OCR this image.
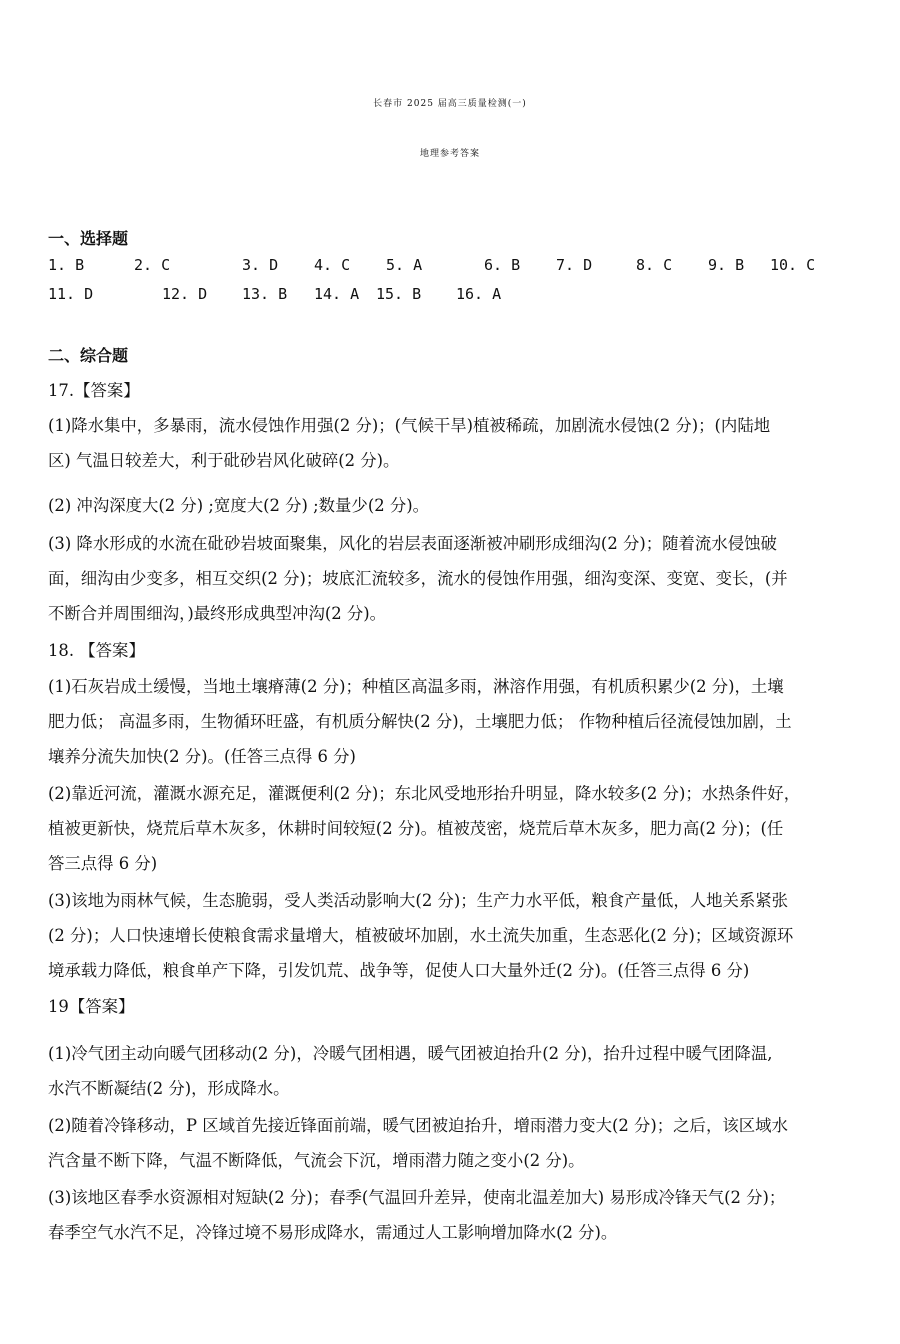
长春市 2025 届高三质量检测(一)
地理参考答案
一、选择题
1. B	2. C	3. D 4. C 5. A	6. B 7. D	8. C 9. B 10. C
11. D	12. D 13. B 14. A 15. B 16. A
二、综合题
17.【答案】
(1)降水集中，多暴雨，流水侵蚀作用强(2 分)；(气候干旱)植被稀疏，加剧流水侵蚀(2 分)；(内陆地
区) 气温日较差大，利于砒砂岩风化破碎(2 分)。
(2) 冲沟深度大(2 分) ;宽度大(2 分) ;数量少(2 分)。
(3) 降水形成的水流在砒砂岩坡面聚集，风化的岩层表面逐渐被冲刷形成细沟(2 分)；随着流水侵蚀破
面，细沟由少变多，相互交织(2 分)；坡底汇流较多，流水的侵蚀作用强，细沟变深、变宽、变长，(并
不断合并周围细沟，)最终形成典型冲沟(2 分)。
18. 【答案】
(1)石灰岩成土缓慢，当地土壤瘠薄(2 分)；种植区高温多雨，淋溶作用强，有机质积累少(2 分)，土壤
肥力低； 高温多雨，生物循环旺盛，有机质分解快(2 分)，土壤肥力低； 作物种植后径流侵蚀加剧，土
壤养分流失加快(2 分)。(任答三点得 6 分)
(2)靠近河流，灌溉水源充足，灌溉便利(2 分)；东北风受地形抬升明显，降水较多(2 分)；水热条件好，
植被更新快，烧荒后草木灰多，休耕时间较短(2 分)。植被茂密，烧荒后草木灰多，肥力高(2 分)；(任
答三点得 6 分)
(3)该地为雨林气候，生态脆弱，受人类活动影响大(2 分)；生产力水平低，粮食产量低，人地关系紧张
(2 分)；人口快速增长使粮食需求量增大，植被破坏加剧，水土流失加重，生态恶化(2 分)；区域资源环
境承载力降低，粮食单产下降，引发饥荒、战争等，促使人口大量外迁(2 分)。(任答三点得 6 分)
19【答案】
(1)冷气团主动向暖气团移动(2 分)，冷暖气团相遇，暖气团被迫抬升(2 分)，抬升过程中暖气团降温,
水汽不断凝结(2 分)，形成降水。
(2)随着冷锋移动，P 区域首先接近锋面前端，暖气团被迫抬升，增雨潜力变大(2 分)；之后，该区域水
汽含量不断下降，气温不断降低，气流会下沉，增雨潜力随之变小(2 分)。
(3)该地区春季水资源相对短缺(2 分)；春季(气温回升差异，使南北温差加大) 易形成冷锋天气(2 分)；
春季空气水汽不足，冷锋过境不易形成降水，需通过人工影响增加降水(2 分)。
